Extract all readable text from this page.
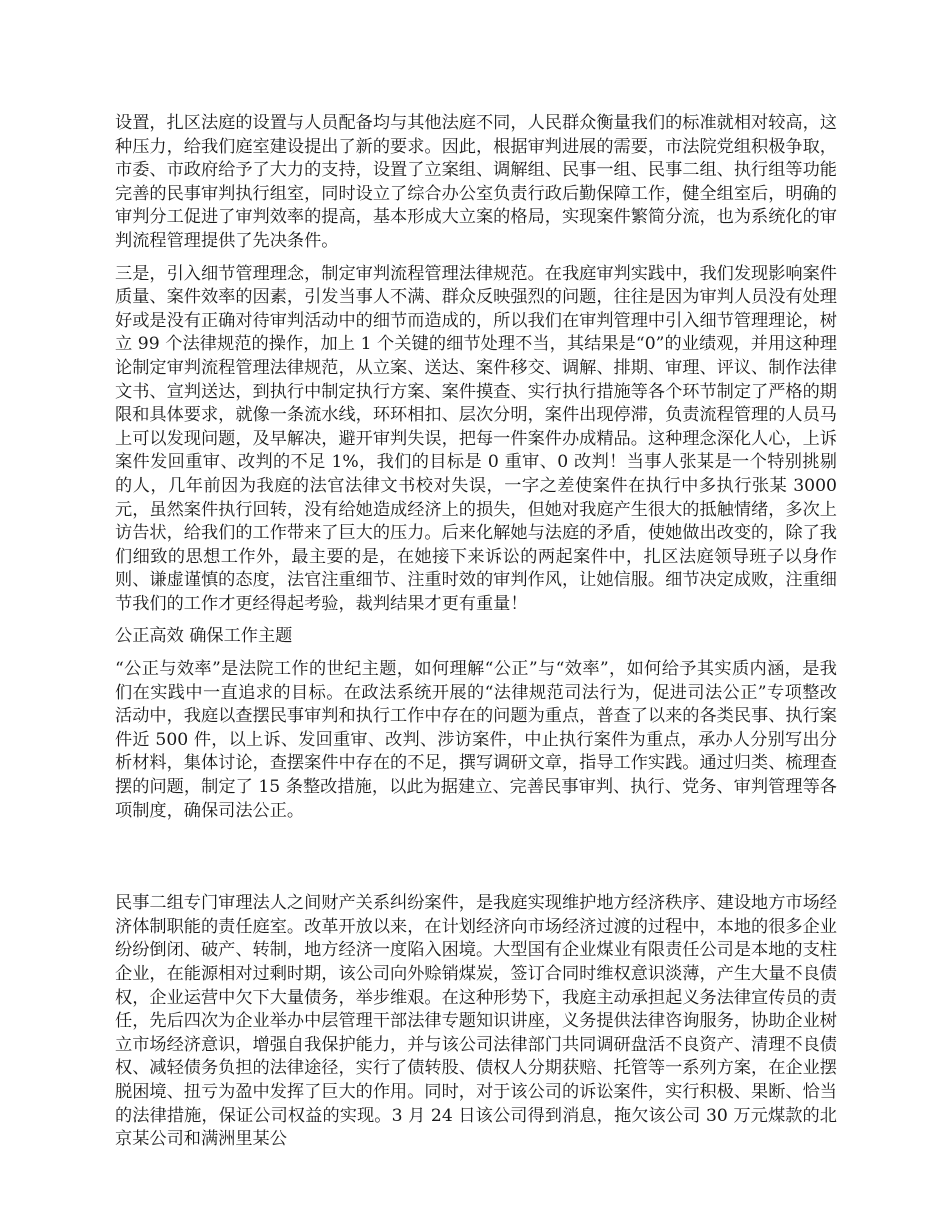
设置，扎区法庭的设置与人员配备均与其他法庭不同，人民群众衡量我们的标准就相对较高，这种压力，给我们庭室建设提出了新的要求。因此，根据审判进展的需要，市法院党组积极争取，市委、市政府给予了大力的支持，设置了立案组、调解组、民事一组、民事二组、执行组等功能完善的民事审判执行组室，同时设立了综合办公室负责行政后勤保障工作，健全组室后，明确的审判分工促进了审判效率的提高，基本形成大立案的格局，实现案件繁简分流，也为系统化的审判流程管理提供了先决条件。

三是，引入细节管理理念，制定审判流程管理法律规范。在我庭审判实践中，我们发现影响案件质量、案件效率的因素，引发当事人不满、群众反映强烈的问题，往往是因为审判人员没有处理好或是没有正确对待审判活动中的细节而造成的，所以我们在审判管理中引入细节管理理论，树立 99 个法律规范的操作，加上 1 个关键的细节处理不当，其结果是“0”的业绩观，并用这种理论制定审判流程管理法律规范，从立案、送达、案件移交、调解、排期、审理、评议、制作法律文书、宣判送达，到执行中制定执行方案、案件摸查、实行执行措施等各个环节制定了严格的期限和具体要求，就像一条流水线，环环相扣、层次分明，案件出现停滞，负责流程管理的人员马上可以发现问题，及早解决，避开审判失误，把每一件案件办成精品。这种理念深化人心，上诉案件发回重审、改判的不足 1%，我们的目标是 0 重审、0 改判！当事人张某是一个特别挑剔的人，几年前因为我庭的法官法律文书校对失误，一字之差使案件在执行中多执行张某 3000 元，虽然案件执行回转，没有给她造成经济上的损失，但她对我庭产生很大的抵触情绪，多次上访告状，给我们的工作带来了巨大的压力。后来化解她与法庭的矛盾，使她做出改变的，除了我们细致的思想工作外，最主要的是，在她接下来诉讼的两起案件中，扎区法庭领导班子以身作则、谦虚谨慎的态度，法官注重细节、注重时效的审判作风，让她信服。细节决定成败，注重细节我们的工作才更经得起考验，裁判结果才更有重量！

公正高效 确保工作主题

“公正与效率”是法院工作的世纪主题，如何理解“公正”与“效率”，如何给予其实质内涵，是我们在实践中一直追求的目标。在政法系统开展的“法律规范司法行为，促进司法公正”专项整改活动中，我庭以查摆民事审判和执行工作中存在的问题为重点，普查了以来的各类民事、执行案件近 500 件，以上诉、发回重审、改判、涉访案件，中止执行案件为重点，承办人分别写出分析材料，集体讨论，查摆案件中存在的不足，撰写调研文章，指导工作实践。通过归类、梳理查摆的问题，制定了 15 条整改措施，以此为据建立、完善民事审判、执行、党务、审判管理等各项制度，确保司法公正。

民事二组专门审理法人之间财产关系纠纷案件，是我庭实现维护地方经济秩序、建设地方市场经济体制职能的责任庭室。改革开放以来，在计划经济向市场经济过渡的过程中，本地的很多企业纷纷倒闭、破产、转制，地方经济一度陷入困境。大型国有企业煤业有限责任公司是本地的支柱企业，在能源相对过剩时期，该公司向外赊销煤炭，签订合同时维权意识淡薄，产生大量不良债权，企业运营中欠下大量债务，举步维艰。在这种形势下，我庭主动承担起义务法律宣传员的责任，先后四次为企业举办中层管理干部法律专题知识讲座，义务提供法律咨询服务，协助企业树立市场经济意识，增强自我保护能力，并与该公司法律部门共同调研盘活不良资产、清理不良债权、减轻债务负担的法律途径，实行了债转股、债权人分期获赔、托管等一系列方案，在企业摆脱困境、扭亏为盈中发挥了巨大的作用。同时，对于该公司的诉讼案件，实行积极、果断、恰当的法律措施，保证公司权益的实现。3 月 24 日该公司得到消息，拖欠该公司 30 万元煤款的北京某公司和满洲里某公
